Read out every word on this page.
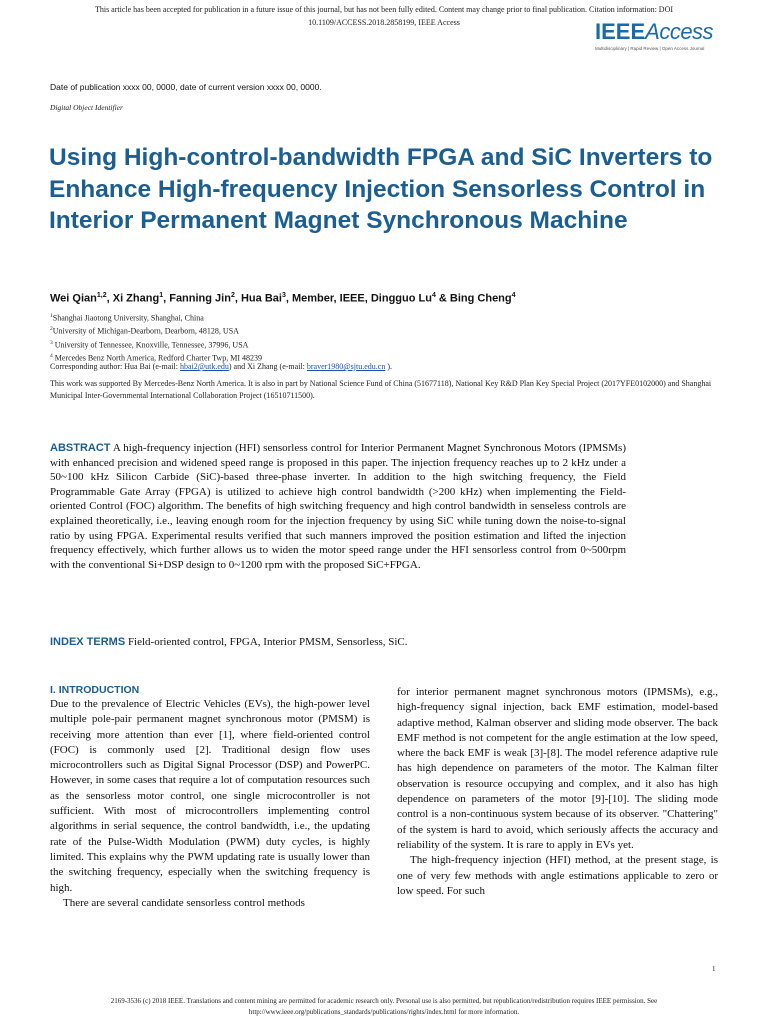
This article has been accepted for publication in a future issue of this journal, but has not been fully edited. Content may change prior to final publication. Citation information: DOI
10.1109/ACCESS.2018.2858199, IEEE Access	IEEEAccess
Multidisciplinary | Rapid Review | Open Access Journal
Date of publication xxxx 00, 0000, date of current version xxxx 00, 0000.
Digital Object Identifier
Using High-control-bandwidth FPGA and SiC Inverters to Enhance High-frequency Injection Sensorless Control in Interior Permanent Magnet Synchronous Machine
Wei Qian$^{1,2}$, Xi Zhang$^1$, Fanning Jin$^2$, Hua Bai$^3$, Member, IEEE, Dingguo Lu$^4$ & Bing Cheng$^4$
$^1$Shanghai Jiaotong University, Shanghai, China
$^2$University of Michigan-Dearborn, Dearborn, 48128, USA
$^3$ University of Tennessee, Knoxville, Tennessee, 37996, USA
$^4$ Mercedes Benz North America, Redford Charter Twp, MI 48239
Corresponding author: Hua Bai (e-mail: hbai2@utk.edu) and Xi Zhang (e-mail: braver1980@sjtu.edu.cn ).
This work was supported By Mercedes-Benz North America. It is also in part by National Science Fund of China (51677118), National Key R&D Plan Key Special Project (2017YFE0102000) and Shanghai Municipal Inter-Governmental International Collaboration Project (16510711500).
ABSTRACT A high-frequency injection (HFI) sensorless control for Interior Permanent Magnet Synchronous Motors (IPMSMs) with enhanced precision and widened speed range is proposed in this paper. The injection frequency reaches up to 2 kHz under a 50~100 kHz Silicon Carbide (SiC)-based three-phase inverter. In addition to the high switching frequency, the Field Programmable Gate Array (FPGA) is utilized to achieve high control bandwidth (>200 kHz) when implementing the Field-oriented Control (FOC) algorithm. The benefits of high switching frequency and high control bandwidth in senseless controls are explained theoretically, i.e., leaving enough room for the injection frequency by using SiC while tuning down the noise-to-signal ratio by using FPGA. Experimental results verified that such manners improved the position estimation and lifted the injection frequency effectively, which further allows us to widen the motor speed range under the HFI sensorless control from 0~500rpm with the conventional Si+DSP design to 0~1200 rpm with the proposed SiC+FPGA.
INDEX TERMS Field-oriented control, FPGA, Interior PMSM, Sensorless, SiC.
I. INTRODUCTION

Due to the prevalence of Electric Vehicles (EVs), the high-power level multiple pole-pair permanent magnet synchronous motor (PMSM) is receiving more attention than ever [1], where field-oriented control (FOC) is commonly used [2]. Traditional design flow uses microcontrollers such as Digital Signal Processor (DSP) and PowerPC. However, in some cases that require a lot of computation resources such as the sensorless motor control, one single microcontroller is not sufficient. With most of microcontrollers implementing control algorithms in serial sequence, the control bandwidth, i.e., the updating rate of the Pulse-Width Modulation (PWM) duty cycles, is highly limited. This explains why the PWM updating rate is usually lower than the switching frequency, especially when the switching frequency is high.

There are several candidate sensorless control methods

for interior permanent magnet synchronous motors (IPMSMs), e.g., high-frequency signal injection, back EMF estimation, model-based adaptive method, Kalman observer and sliding mode observer. The back EMF method is not competent for the angle estimation at the low speed, where the back EMF is weak [3]-[8]. The model reference adaptive rule has high dependence on parameters of the motor. The Kalman filter observation is resource occupying and complex, and it also has high dependence on parameters of the motor [9]-[10]. The sliding mode control is a non-continuous system because of its observer. "Chattering" of the system is hard to avoid, which seriously affects the accuracy and reliability of the system. It is rare to apply in EVs yet.

The high-frequency injection (HFI) method, at the present stage, is one of very few methods with angle estimations applicable to zero or low speed. For such

1
2169-3536 (c) 2018 IEEE. Translations and content mining are permitted for academic research only. Personal use is also permitted, but republication/redistribution requires IEEE permission. See
http://www.ieee.org/publications_standards/publications/rights/index.html for more information.
